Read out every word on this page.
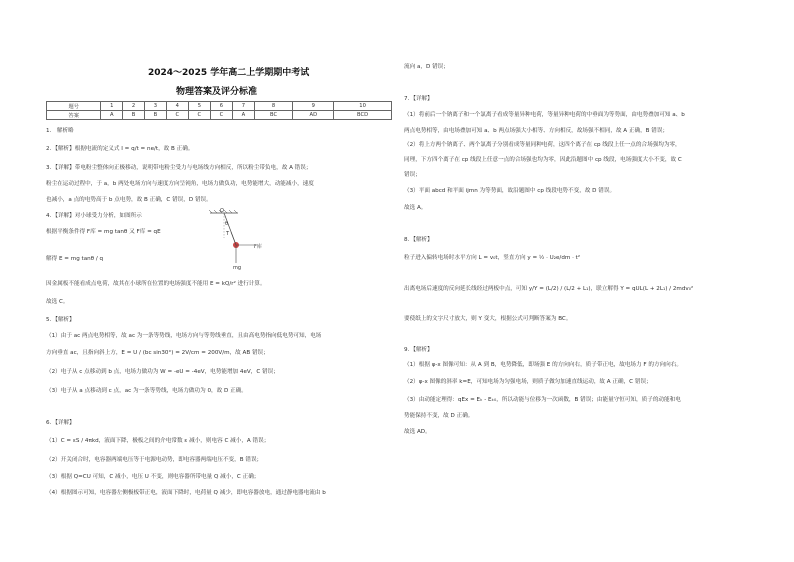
2024～2025 学年高二上学期期中考试
物理答案及评分标准
题号	1	2	3	4	5	6	7	8	9	10
答案	A	B	B	C	C	C	A	BC	AD	BCD
1． 解析略
2．【解析】根据电流的定义式 I = q/t = ne/t，故 B 正确。
3．【详解】带电粉尘整体向正极移动，说明带电粉尘受力与电场线方向相反，所以粉尘带负电，故 A 错误；
粉尘在运动过程中，于 a，b 两处电场方向与速度方向呈钝角，电场力做负功，电势能增大，动能减小，速度
也减小，a 点的电势高于 b 点电势，故 B 正确，C 错误，D 错误。
4．【详解】对小球受力分析，如图所示
根据平衡条件得 F库 = mg tanθ 又 F库 = qE
解得 E = mg tanθ / q
因金属板不能看成点电荷，故其在小球所在位置的电场强度不能用 E = kQ/r² 进行计算。
故选 C。
5．【解析】
（1）由于 ac 两点电势相等，故 ac 为一条等势线，电场方向与等势线垂直，且由高电势指向低电势可知，电场
方向垂直 ac，且指向斜上方，E = U / (bc sin30°) = 2V/cm = 200V/m，故 AB 错误；
（2）电子从 c 点移动到 b 点，电场力做功为 W = -eU = -4eV，电势能增加 4eV，C 错误；
（3）电子从 a 点移动到 c 点，ac 为一条等势线，电场力做功为 0，故 D 正确。
6．【详解】
（1）C = εS / 4πkd，液面下降，极板之间的介电常数 ε 减小，则电容 C 减小，A 错误；
（2）开关闭合时，电容器两端电压等于电源电动势，即电容器两端电压不变，B 错误；
（3）根据 Q=CU 可知，C 减小，电压 U 不变，则电容器所带电量 Q 减小，C 正确；
（4）根据图示可知，电容器左侧极板带正电，液面下降时，电荷量 Q 减少，即电容器放电，通过静电器电流由 b
O
θ
T
F库
mg
流向 a，D 错误；
7．【详解】
（1）将前后一个钠离子和一个氯离子看成等量异种电荷，等量异种电荷的中垂面为等势面，由电势叠加可知 a、b
两点电势相等，由电场叠加可知 a、b 两点场强大小相等、方向相反，故场强不相同，故 A 正确，B 错误；
（2）将上方两个钠离子、两个氯离子分别看成等量同种电荷，这四个离子在 cp 线段上任一点的合场强均为零，
同理，下方四个离子在 cp 线段上任意一点的合场强也均为零，因此沿题图中 cp 线段，电场强度大小不变，故 C
错误；
（3）平面 abcd 和平面 ijmn 为等势面，故沿题图中 cp 线段电势不变，故 D 错误。
故选 A。
8．【解析】
粒子进入偏转电场时水平方向 L = v₀t，竖直方向 y = ½ · U₂e/dm · t²
出离电场后速度的反向延长线经过两板中点，可知 y/Y = (L/2) / (L/2 + L₁)，联立解得 Y = qUL(L + 2L₁) / 2mdv₀²
要使纸上的文字尺寸放大，则 Y 变大，根据公式可判断答案为 BC。
9．【解析】
（1）根据 φ-x 图像可知：从 A 到 B，电势降低，即场强 E 的方向向右，质子带正电，故电场力 F 的方向向右。
（2）φ-x 图像的斜率 k=E，可知电场为匀强电场，则质子做匀加速直线运动，故 A 正确，C 错误；
（3）由动能定理得：qEx = Eₖ - Eₖ₀，所以动能与位移为一次函数，B 错误；由能量守恒可知，质子的动能和电
势能保持不变，故 D 正确。
故选 AD。
